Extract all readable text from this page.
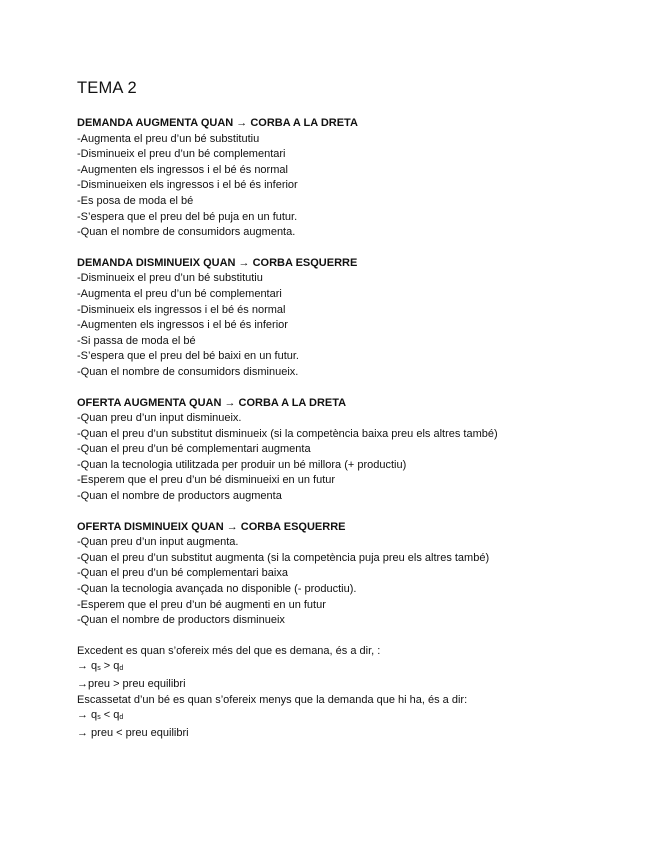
TEMA 2
DEMANDA AUGMENTA QUAN → CORBA A LA DRETA
-Augmenta el preu d’un bé substitutiu
-Disminueix el preu d’un bé complementari
-Augmenten els ingressos i el bé és normal
-Disminueixen els ingressos i el bé és inferior
-Es posa de moda el bé
-S’espera que el preu del bé puja en un futur.
-Quan el nombre de consumidors augmenta.
DEMANDA DISMINUEIX QUAN → CORBA ESQUERRE
-Disminueix el preu d’un bé substitutiu
-Augmenta el preu d’un bé complementari
-Disminueix els ingressos i el bé és normal
-Augmenten els ingressos i el bé és inferior
-Si passa de moda el bé
-S’espera que el preu del bé baixi en un futur.
-Quan el nombre de consumidors disminueix.
OFERTA AUGMENTA QUAN → CORBA A LA DRETA
-Quan preu d’un input disminueix.
-Quan el preu d’un substitut disminueix (si la competència baixa preu els altres també)
-Quan el preu d’un bé complementari augmenta
-Quan la tecnologia utilitzada per produir un bé millora (+ productiu)
-Esperem que el preu d’un bé disminueixi en un futur
-Quan el nombre de productors augmenta
OFERTA DISMINUEIX QUAN → CORBA ESQUERRE
-Quan preu d’un input augmenta.
-Quan el preu d’un substitut augmenta (si la competència puja preu els altres també)
-Quan el preu d’un bé complementari baixa
-Quan la tecnologia avançada no disponible (- productiu).
-Esperem que el preu d’un bé augmenti en un futur
-Quan el nombre de productors disminueix
Excedent es quan s’ofereix més del que es demana, és a dir, :
→ qs > qd
→preu > preu equilibri
Escassetat d’un bé es quan s’ofereix menys que la demanda que hi ha, és a dir:
→ qs < qd
→ preu < preu equilibri
